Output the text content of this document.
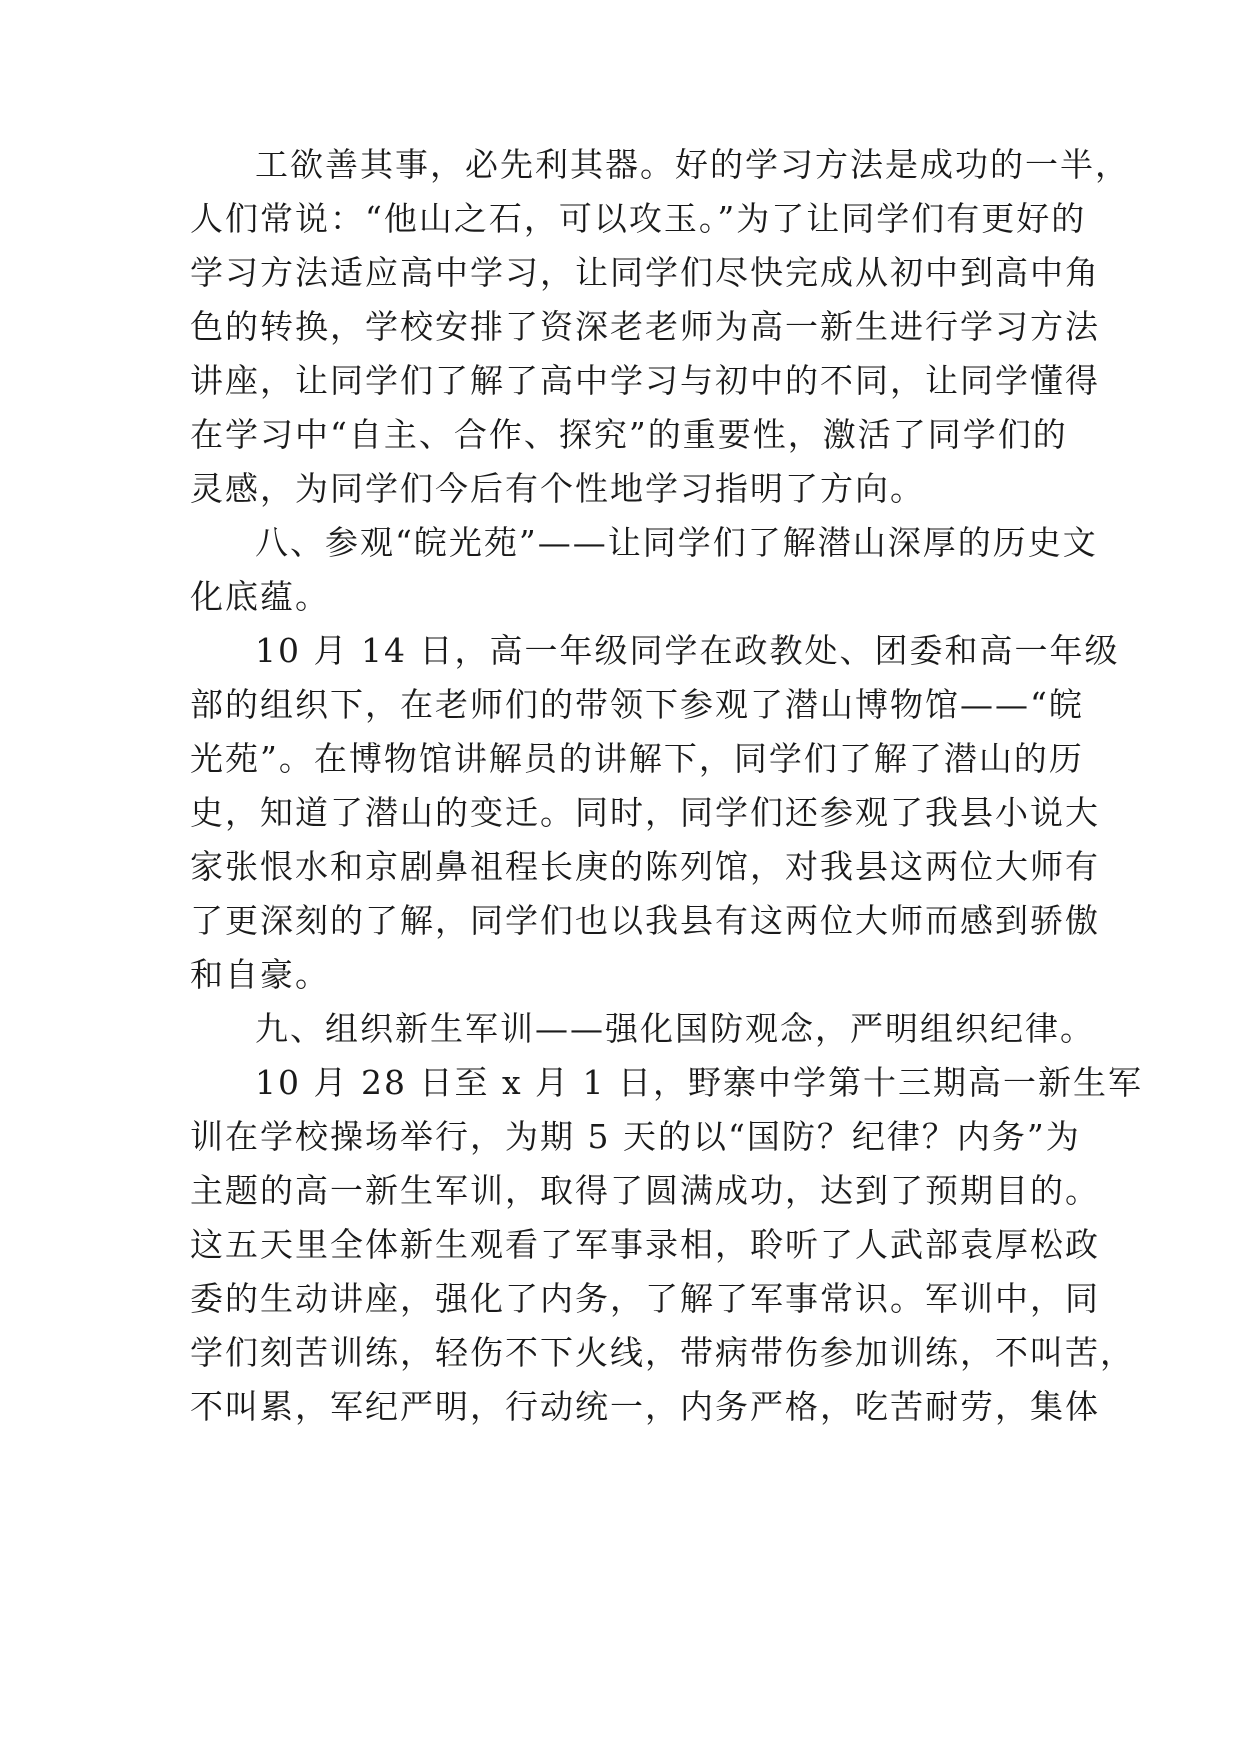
工欲善其事，必先利其器。好的学习方法是成功的一半，
人们常说：“他山之石，可以攻玉。”为了让同学们有更好的
学习方法适应高中学习，让同学们尽快完成从初中到高中角
色的转换，学校安排了资深老老师为高一新生进行学习方法
讲座，让同学们了解了高中学习与初中的不同，让同学懂得
在学习中“自主、合作、探究”的重要性，激活了同学们的
灵感，为同学们今后有个性地学习指明了方向。
八、参观“皖光苑”——让同学们了解潜山深厚的历史文
化底蕴。
10 月 14 日，高一年级同学在政教处、团委和高一年级
部的组织下，在老师们的带领下参观了潜山博物馆——“皖
光苑”。在博物馆讲解员的讲解下，同学们了解了潜山的历
史，知道了潜山的变迁。同时，同学们还参观了我县小说大
家张恨水和京剧鼻祖程长庚的陈列馆，对我县这两位大师有
了更深刻的了解，同学们也以我县有这两位大师而感到骄傲
和自豪。
九、组织新生军训——强化国防观念，严明组织纪律。
10 月 28 日至 x 月 1 日，野寨中学第十三期高一新生军
训在学校操场举行，为期 5 天的以“国防？纪律？内务”为
主题的高一新生军训，取得了圆满成功，达到了预期目的。
这五天里全体新生观看了军事录相，聆听了人武部袁厚松政
委的生动讲座，强化了内务，了解了军事常识。军训中，同
学们刻苦训练，轻伤不下火线，带病带伤参加训练，不叫苦，
不叫累，军纪严明，行动统一，内务严格，吃苦耐劳，集体
